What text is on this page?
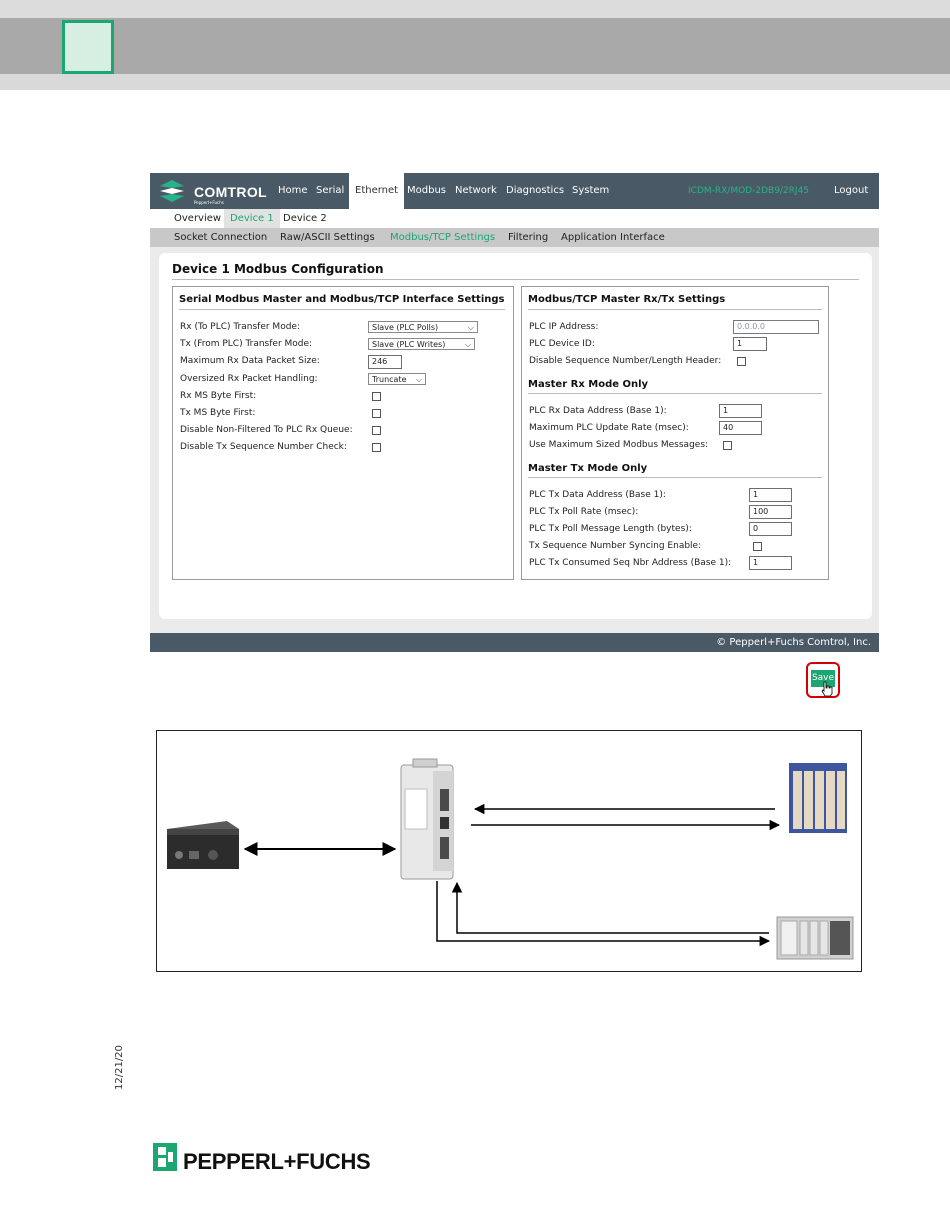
COMTROL
Pepperl+Fuchs
Home Serial	Ethernet Modbus Network Diagnostics System	ICDM-RX/MOD-2DB9/2RJ45 Logout
Overview Device 1 Device 2
Socket Connection Raw/ASCII Settings Modbus/TCP Settings Filtering Application Interface
Device 1 Modbus Configuration
Serial Modbus Master and Modbus/TCP Interface Settings
Rx (To PLC) Transfer Mode:	Slave (PLC Polls)	⌵
Tx (From PLC) Transfer Mode:	Slave (PLC Writes) ⌵
Maximum Rx Data Packet Size:	246
Oversized Rx Packet Handling:	Truncate ⌵
Rx MS Byte First:
Tx MS Byte First:
Disable Non-Filtered To PLC Rx Queue:
Disable Tx Sequence Number Check:
Modbus/TCP Master Rx/Tx Settings
PLC IP Address:	0.0.0.0
PLC Device ID:	1
Disable Sequence Number/Length Header:
Master Rx Mode Only
PLC Rx Data Address (Base 1):	1
Maximum PLC Update Rate (msec):	40
Use Maximum Sized Modbus Messages:
Master Tx Mode Only
PLC Tx Data Address (Base 1):	1
PLC Tx Poll Rate (msec):	100
PLC Tx Poll Message Length (bytes):	0
Tx Sequence Number Syncing Enable:
PLC Tx Consumed Seq Nbr Address (Base 1):	1
Save
© Pepperl+Fuchs Comtrol, Inc.
12/21/20
PEPPERL+FUCHS
